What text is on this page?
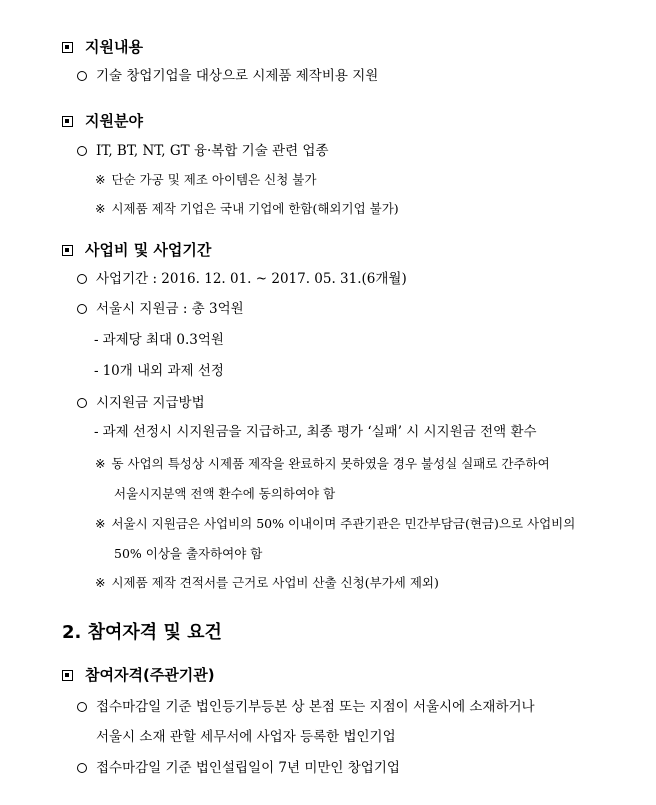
지원내용
기술 창업기업을 대상으로 시제품 제작비용 지원
지원분야
IT, BT, NT, GT 융·복합 기술 관련 업종
※ 단순 가공 및 제조 아이템은 신청 불가
※ 시제품 제작 기업은 국내 기업에 한함(해외기업 불가)
사업비 및 사업기간
사업기간 : 2016. 12. 01. ~ 2017. 05. 31.(6개월)
서울시 지원금 : 총 3억원
- 과제당 최대 0.3억원
- 10개 내외 과제 선정
시지원금 지급방법
- 과제 선정시 시지원금을 지급하고, 최종 평가 ‘실패’ 시 시지원금 전액 환수
※ 동 사업의 특성상 시제품 제작을 완료하지 못하였을 경우 불성실 실패로 간주하여
서울시지분액 전액 환수에 동의하여야 함
※ 서울시 지원금은 사업비의 50% 이내이며 주관기관은 민간부담금(현금)으로 사업비의
50% 이상을 출자하여야 함
※ 시제품 제작 견적서를 근거로 사업비 산출 신청(부가세 제외)
2. 참여자격 및 요건
참여자격(주관기관)
접수마감일 기준 법인등기부등본 상 본점 또는 지점이 서울시에 소재하거나
서울시 소재 관할 세무서에 사업자 등록한 법인기업
접수마감일 기준 법인설립일이 7년 미만인 창업기업
